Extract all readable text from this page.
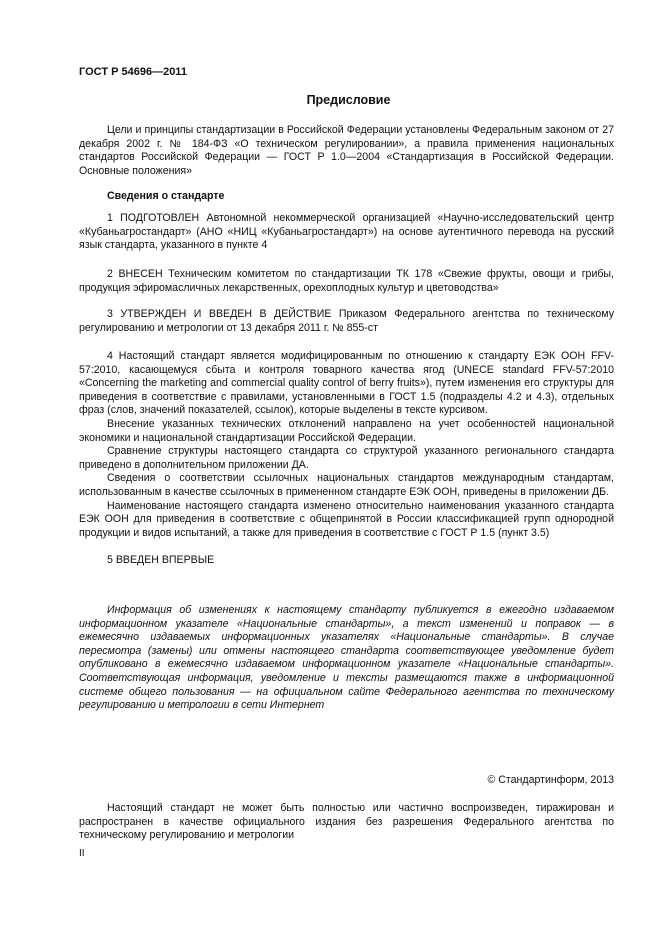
ГОСТ Р 54696—2011
Предисловие

Цели и принципы стандартизации в Российской Федерации установлены Федеральным законом от 27 декабря 2002 г. № 184-ФЗ «О техническом регулировании», а правила применения национальных стандартов Российской Федерации — ГОСТ Р 1.0—2004 «Стандартизация в Российской Федерации. Основные положения»

Сведения о стандарте

1 ПОДГОТОВЛЕН Автономной некоммерческой организацией «Научно-исследовательский центр «Кубаньагростандарт» (АНО «НИЦ «Кубаньагростандарт») на основе аутентичного перевода на русский язык стандарта, указанного в пункте 4

2 ВНЕСЕН Техническим комитетом по стандартизации ТК 178 «Свежие фрукты, овощи и грибы, продукция эфиромасличных лекарственных, орехоплодных культур и цветоводства»

3 УТВЕРЖДЕН И ВВЕДЕН В ДЕЙСТВИЕ Приказом Федерального агентства по техническому регулированию и метрологии от 13 декабря 2011 г. № 855-ст

4 Настоящий стандарт является модифицированным по отношению к стандарту ЕЭК ООН FFV-57:2010, касающемуся сбыта и контроля товарного качества ягод (UNECE standard FFV-57:2010 «Concerning the marketing and commercial quality control of berry fruits»), путем изменения его структуры для приведения в соответствие с правилами, установленными в ГОСТ 1.5 (подразделы 4.2 и 4.3), отдельных фраз (слов, значений показателей, ссылок), которые выделены в тексте курсивом.

Внесение указанных технических отклонений направлено на учет особенностей национальной экономики и национальной стандартизации Российской Федерации.

Сравнение структуры настоящего стандарта со структурой указанного регионального стандарта приведено в дополнительном приложении ДА.

Сведения о соответствии ссылочных национальных стандартов международным стандартам, использованным в качестве ссылочных в примененном стандарте ЕЭК ООН, приведены в приложении ДБ.

Наименование настоящего стандарта изменено относительно наименования указанного стандарта ЕЭК ООН для приведения в соответствие с общепринятой в России классификацией групп однородной продукции и видов испытаний, а также для приведения в соответствие с ГОСТ Р 1.5 (пункт 3.5)

5 ВВЕДЕН ВПЕРВЫЕ

Информация об изменениях к настоящему стандарту публикуется в ежегодно издаваемом информационном указателе «Национальные стандарты», а текст изменений и поправок — в ежемесячно издаваемых информационных указателях «Национальные стандарты». В случае пересмотра (замены) или отмены настоящего стандарта соответствующее уведомление будет опубликовано в ежемесячно издаваемом информационном указателе «Национальные стандарты». Соответствующая информация, уведомление и тексты размещаются также в информационной системе общего пользования — на официальном сайте Федерального агентства по техническому регулированию и метрологии в сети Интернет

© Стандартинформ, 2013

Настоящий стандарт не может быть полностью или частично воспроизведен, тиражирован и распространен в качестве официального издания без разрешения Федерального агентства по техническому регулированию и метрологии

II
